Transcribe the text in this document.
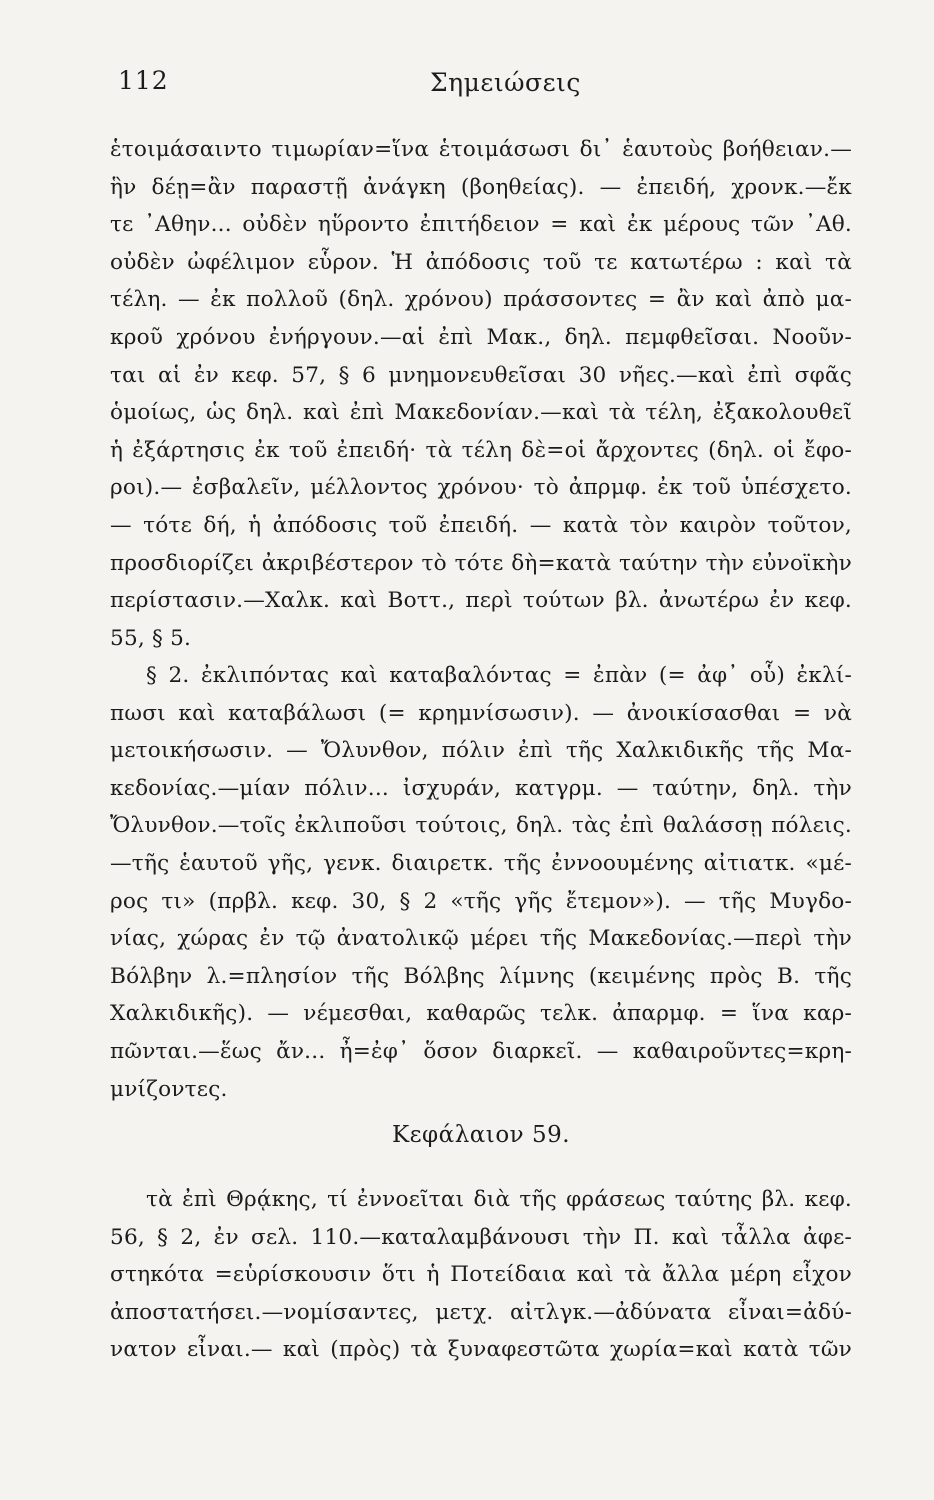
112	Σημειώσεις
ἑτοιμάσαιντο τιμωρίαν=ἵνα ἑτοιμάσωσι δι᾽ ἑαυτοὺς βοήθειαν.—
ἣν δέῃ=ἂν παραστῇ ἀνάγκη (βοηθείας). — ἐπειδή, χρονκ.—ἔκ
τε ᾽Αθην... οὐδὲν ηὕροντο ἐπιτήδειον = καὶ ἐκ μέρους τῶν ᾽Αθ.
οὐδὲν ὠφέλιμον εὗρον. Ἡ ἀπόδοσις τοῦ τε κατωτέρω : καὶ τὰ
τέλη. — ἐκ πολλοῦ (δηλ. χρόνου) πράσσοντες = ἂν καὶ ἀπὸ μα-
κροῦ χρόνου ἐνήργουν.—αἱ ἐπὶ Μακ., δηλ. πεμφθεῖσαι. Νοοῦν-
ται αἱ ἐν κεφ. 57, § 6 μνημονευθεῖσαι 30 νῆες.—καὶ ἐπὶ σφᾶς
ὁμοίως, ὡς δηλ. καὶ ἐπὶ Μακεδονίαν.—καὶ τὰ τέλη, ἐξακολουθεῖ
ἡ ἐξάρτησις ἐκ τοῦ ἐπειδή· τὰ τέλη δὲ=οἱ ἄρχοντες (δηλ. οἱ ἔφο-
ροι).— ἐσβαλεῖν, μέλλοντος χρόνου· τὸ ἀπρμφ. ἐκ τοῦ ὑπέσχετο.
— τότε δή, ἡ ἀπόδοσις τοῦ ἐπειδή. — κατὰ τὸν καιρὸν τοῦτον,
προσδιορίζει ἀκριβέστερον τὸ τότε δὴ=κατὰ ταύτην τὴν εὐνοϊκὴν
περίστασιν.—Χαλκ. καὶ Βοττ., περὶ τούτων βλ. ἀνωτέρω ἐν κεφ.
55, § 5.
§ 2. ἐκλιπόντας καὶ καταβαλόντας = ἐπὰν (= ἀφ᾽ οὗ) ἐκλί-
πωσι καὶ καταβάλωσι (= κρημνίσωσιν). — ἀνοικίσασθαι = νὰ
μετοικήσωσιν. — Ὄλυνθον, πόλιν ἐπὶ τῆς Χαλκιδικῆς τῆς Μα-
κεδονίας.—μίαν πόλιν... ἰσχυράν, κατγρμ. — ταύτην, δηλ. τὴν
Ὄλυνθον.—τοῖς ἐκλιποῦσι τούτοις, δηλ. τὰς ἐπὶ θαλάσσῃ πόλεις.
—τῆς ἑαυτοῦ γῆς, γενκ. διαιρετκ. τῆς ἐννοουμένης αἰτιατκ. «μέ-
ρος τι» (πρβλ. κεφ. 30, § 2 «τῆς γῆς ἔτεμον»). — τῆς Μυγδο-
νίας, χώρας ἐν τῷ ἀνατολικῷ μέρει τῆς Μακεδονίας.—περὶ τὴν
Βόλβην λ.=πλησίον τῆς Βόλβης λίμνης (κειμένης πρὸς Β. τῆς
Χαλκιδικῆς). — νέμεσθαι, καθαρῶς τελκ. ἀπαρμφ. = ἵνα καρ-
πῶνται.—ἕως ἄν... ἦ=ἐφ᾽ ὅσον διαρκεῖ. — καθαιροῦντες=κρη-
μνίζοντες.
Κεφάλαιον 59.
τὰ ἐπὶ Θρᾴκης, τί ἐννοεῖται διὰ τῆς φράσεως ταύτης βλ. κεφ.
56, § 2, ἐν σελ. 110.—καταλαμβάνουσι τὴν Π. καὶ τἆλλα ἀφε-
στηκότα =εὑρίσκουσιν ὅτι ἡ Ποτείδαια καὶ τὰ ἄλλα μέρη εἶχον
ἀποστατήσει.—νομίσαντες, μετχ. αἰτλγκ.—ἀδύνατα εἶναι=ἀδύ-
νατον εἶναι.— καὶ (πρὸς) τὰ ξυναφεστῶτα χωρία=καὶ κατὰ τῶν
